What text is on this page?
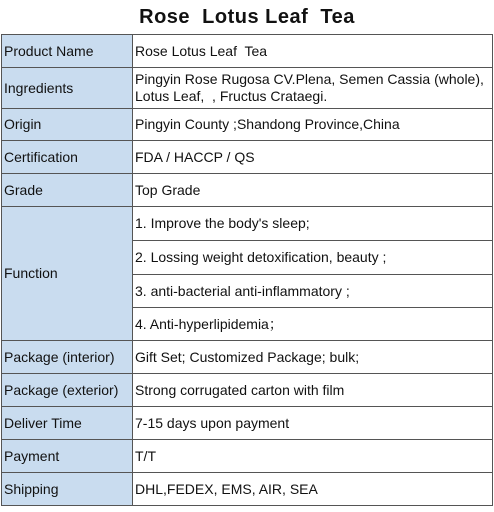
Rose  Lotus Leaf  Tea
Product Name	Rose Lotus Leaf  Tea
Ingredients	Pingyin Rose Rugosa CV.Plena, Semen Cassia (whole), Lotus Leaf,  , Fructus Crataegi.
Origin	Pingyin County ;Shandong Province,China
Certification	FDA / HACCP / QS
Grade	Top Grade
Function	1. Improve the body's sleep;
	2. Lossing weight detoxification, beauty ;
	3. anti-bacterial anti-inflammatory ;
	4. Anti-hyperlipidemia；
Package (interior)	Gift Set; Customized Package; bulk;
Package (exterior)	Strong corrugated carton with film
Deliver Time	7-15 days upon payment
Payment	T/T
Shipping	DHL,FEDEX, EMS, AIR, SEA
